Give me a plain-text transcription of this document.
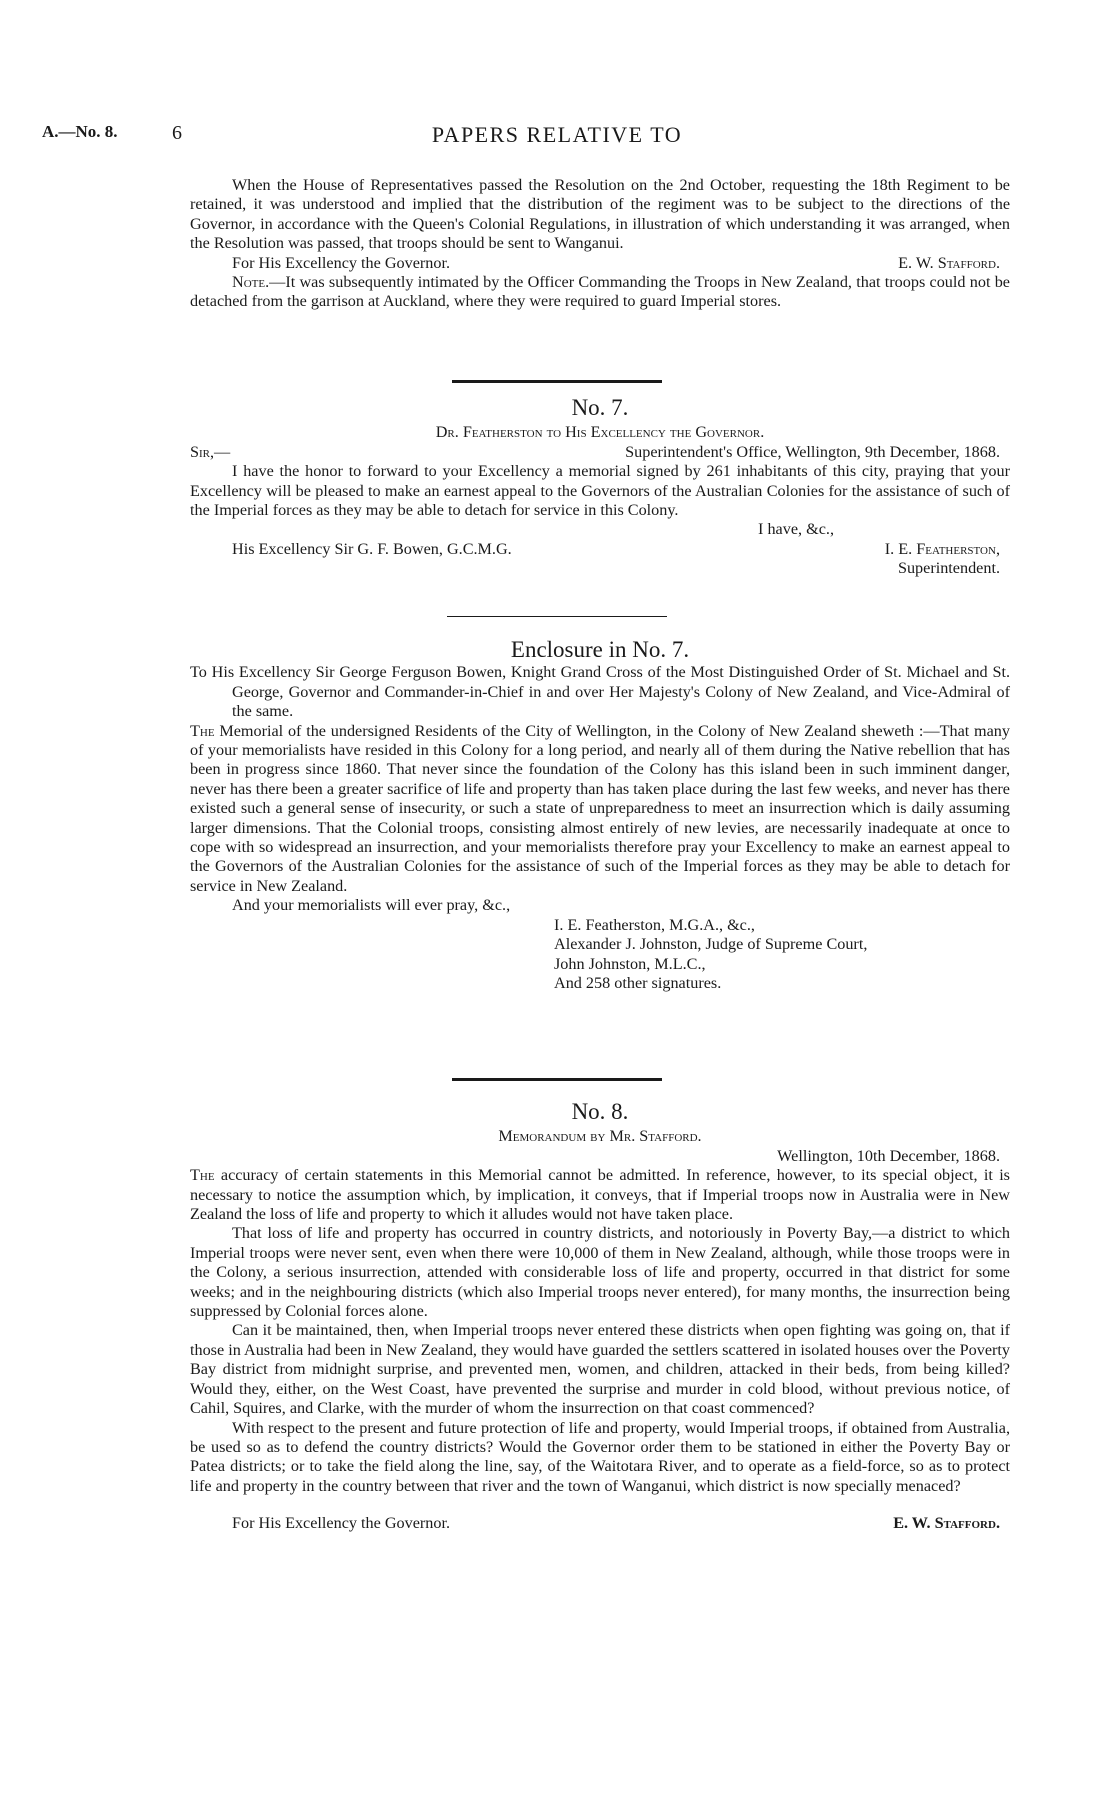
A.—No. 8.	6	PAPERS RELATIVE TO

When the House of Representatives passed the Resolution on the 2nd October, requesting the 18th Regiment to be retained, it was understood and implied that the distribution of the regiment was to be subject to the directions of the Governor, in accordance with the Queen's Colonial Regulations, in illustration of which understanding it was arranged, when the Resolution was passed, that troops should be sent to Wanganui.

For His Excellency the Governor.	E. W. Stafford.

Note.—It was subsequently intimated by the Officer Commanding the Troops in New Zealand, that troops could not be detached from the garrison at Auckland, where they were required to guard Imperial stores.

No. 7.

Dr. Featherston to His Excellency the Governor.

Sir,—	Superintendent's Office, Wellington, 9th December, 1868.

I have the honor to forward to your Excellency a memorial signed by 261 inhabitants of this city, praying that your Excellency will be pleased to make an earnest appeal to the Governors of the Australian Colonies for the assistance of such of the Imperial forces as they may be able to detach for service in this Colony.

I have, &c.,
His Excellency Sir G. F. Bowen, G.C.M.G.	I. E. Featherston,
Superintendent.

Enclosure in No. 7.

To His Excellency Sir George Ferguson Bowen, Knight Grand Cross of the Most Distinguished Order of St. Michael and St. George, Governor and Commander-in-Chief in and over Her Majesty's Colony of New Zealand, and Vice-Admiral of the same.

The Memorial of the undersigned Residents of the City of Wellington, in the Colony of New Zealand sheweth :—That many of your memorialists have resided in this Colony for a long period, and nearly all of them during the Native rebellion that has been in progress since 1860. That never since the foundation of the Colony has this island been in such imminent danger, never has there been a greater sacrifice of life and property than has taken place during the last few weeks, and never has there existed such a general sense of insecurity, or such a state of unpreparedness to meet an insurrection which is daily assuming larger dimensions. That the Colonial troops, consisting almost entirely of new levies, are necessarily inadequate at once to cope with so widespread an insurrection, and your memorialists therefore pray your Excellency to make an earnest appeal to the Governors of the Australian Colonies for the assistance of such of the Imperial forces as they may be able to detach for service in New Zealand.

And your memorialists will ever pray, &c.,

I. E. Featherston, M.G.A., &c.,
Alexander J. Johnston, Judge of Supreme Court,
John Johnston, M.L.C.,
And 258 other signatures.

No. 8.

Memorandum by Mr. Stafford.

Wellington, 10th December, 1868.

The accuracy of certain statements in this Memorial cannot be admitted. In reference, however, to its special object, it is necessary to notice the assumption which, by implication, it conveys, that if Imperial troops now in Australia were in New Zealand the loss of life and property to which it alludes would not have taken place.

That loss of life and property has occurred in country districts, and notoriously in Poverty Bay,—a district to which Imperial troops were never sent, even when there were 10,000 of them in New Zealand, although, while those troops were in the Colony, a serious insurrection, attended with considerable loss of life and property, occurred in that district for some weeks; and in the neighbouring districts (which also Imperial troops never entered), for many months, the insurrection being suppressed by Colonial forces alone.

Can it be maintained, then, when Imperial troops never entered these districts when open fighting was going on, that if those in Australia had been in New Zealand, they would have guarded the settlers scattered in isolated houses over the Poverty Bay district from midnight surprise, and prevented men, women, and children, attacked in their beds, from being killed? Would they, either, on the West Coast, have prevented the surprise and murder in cold blood, without previous notice, of Cahil, Squires, and Clarke, with the murder of whom the insurrection on that coast commenced?

With respect to the present and future protection of life and property, would Imperial troops, if obtained from Australia, be used so as to defend the country districts? Would the Governor order them to be stationed in either the Poverty Bay or Patea districts; or to take the field along the line, say, of the Waitotara River, and to operate as a field-force, so as to protect life and property in the country between that river and the town of Wanganui, which district is now specially menaced?

For His Excellency the Governor.	E. W. Stafford.
